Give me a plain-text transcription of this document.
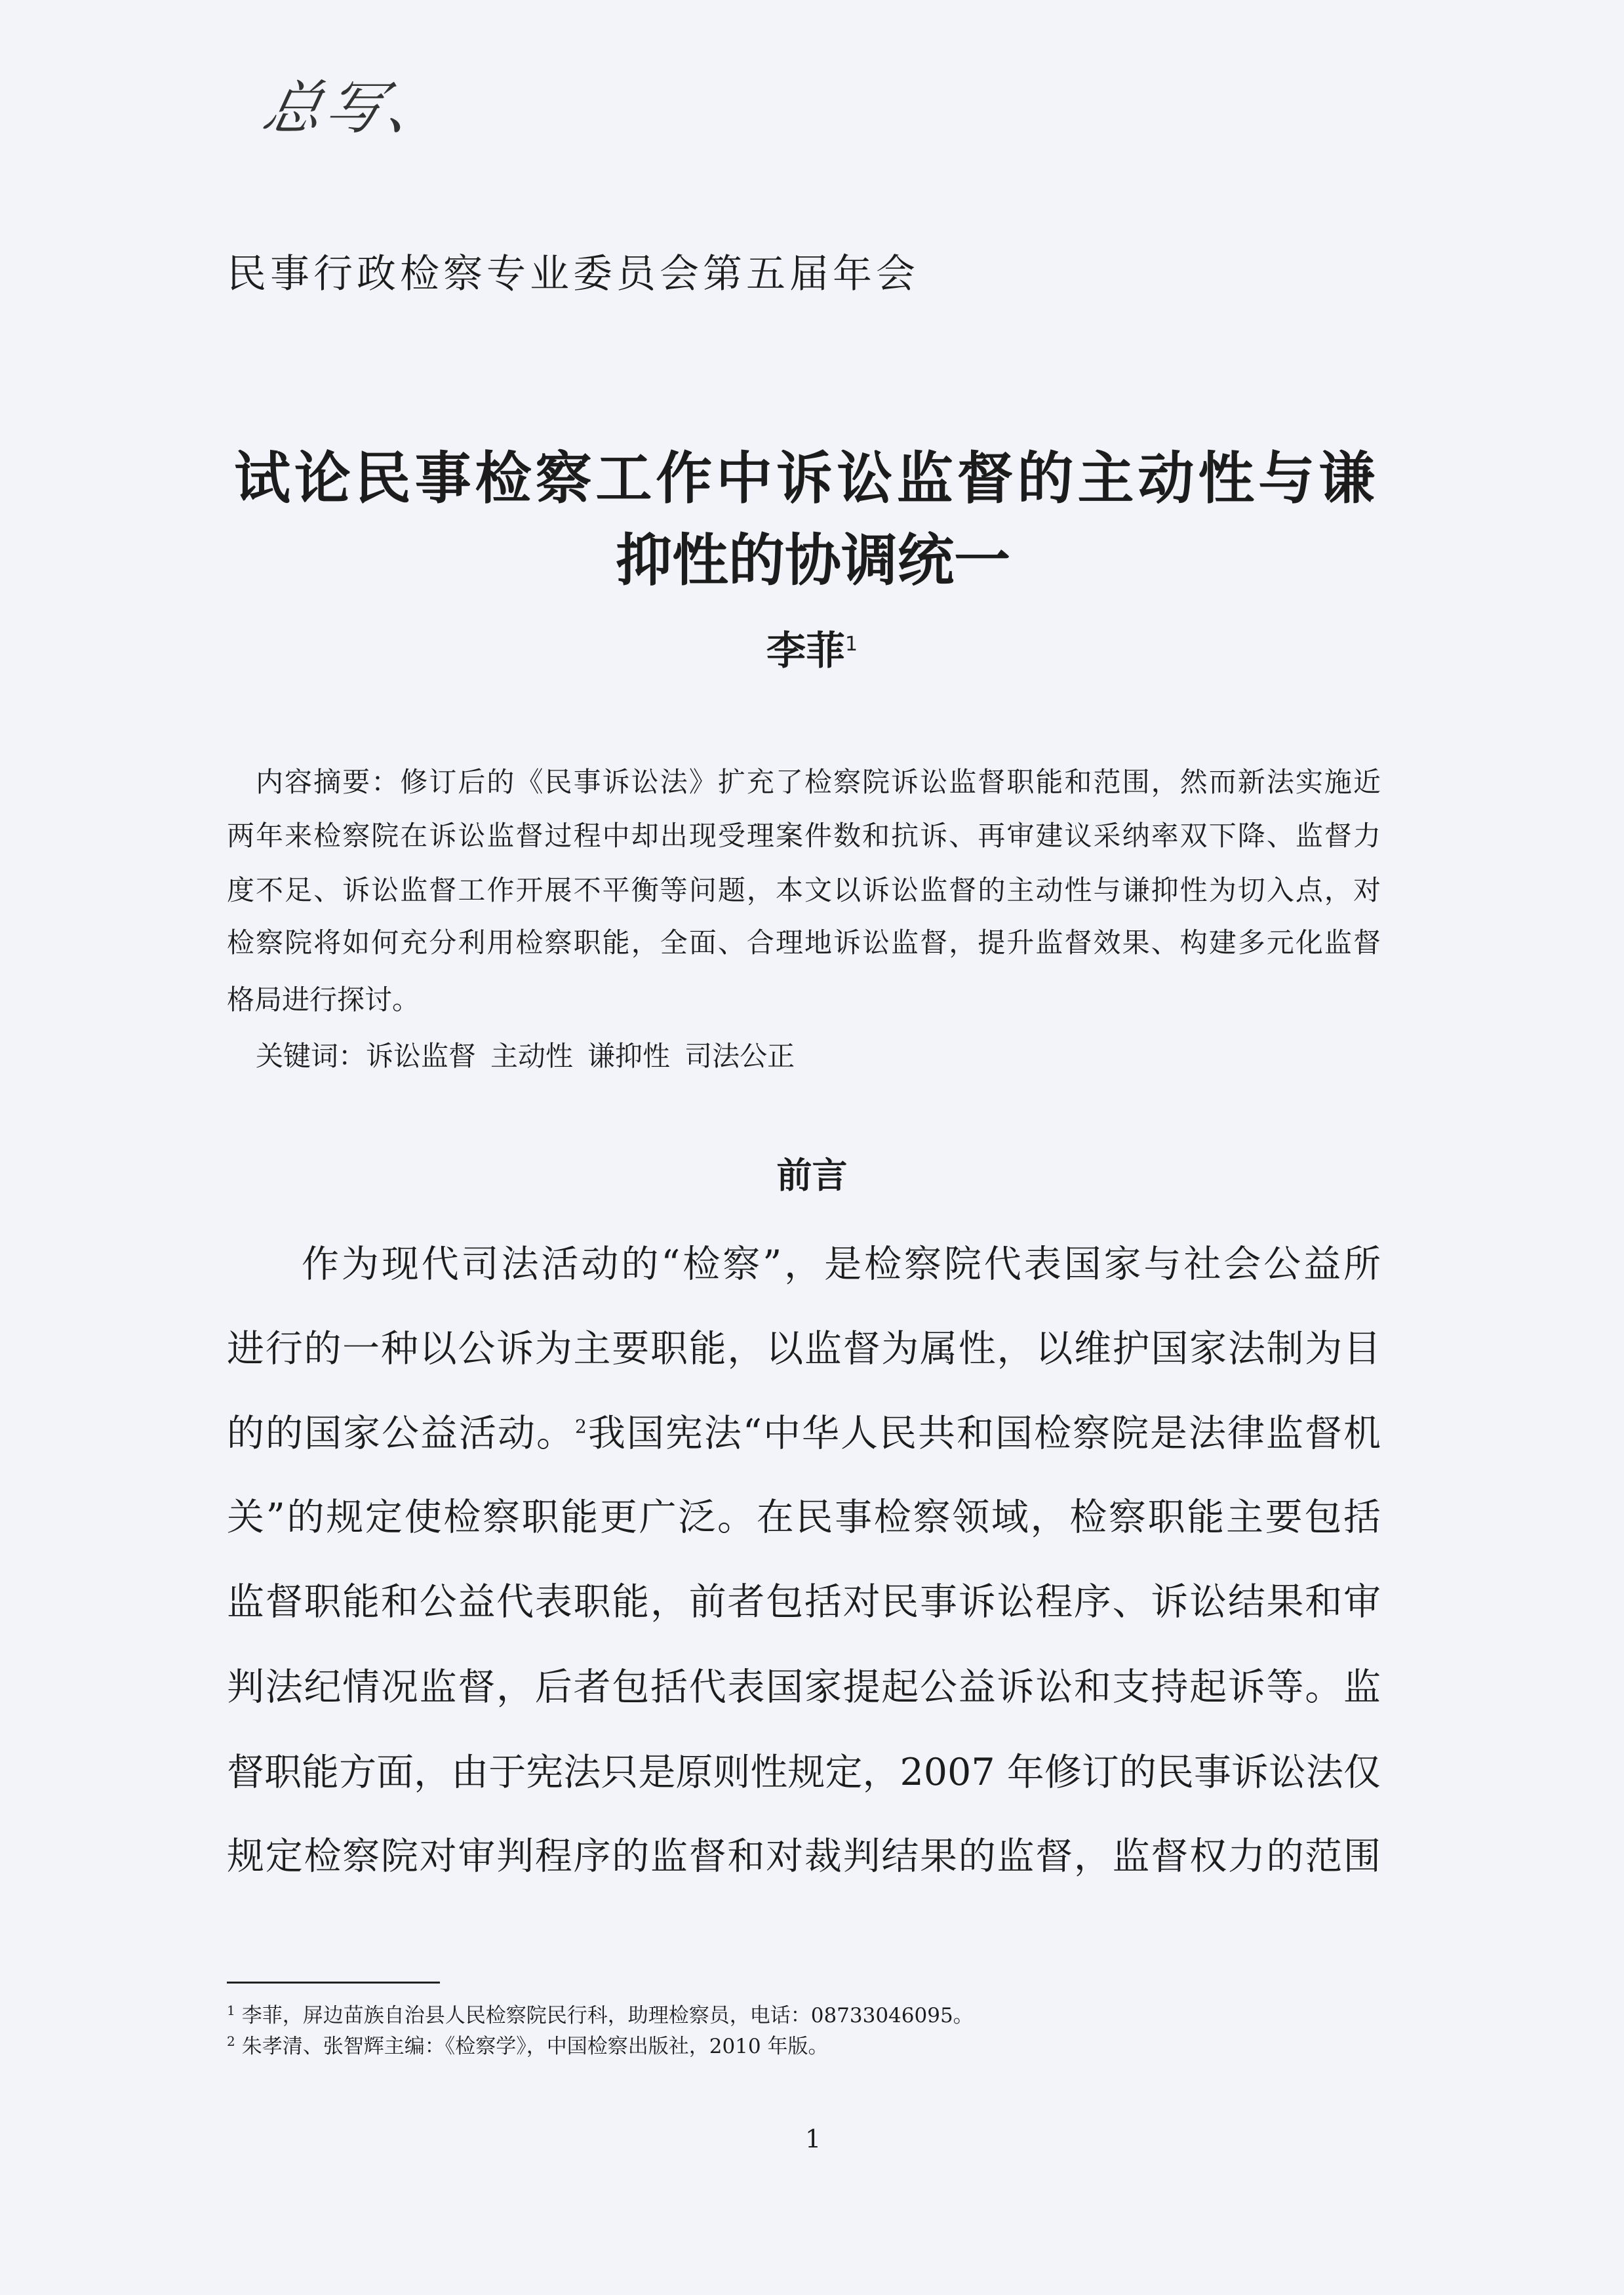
总写、
民事行政检察专业委员会第五届年会
试论民事检察工作中诉讼监督的主动性与谦
抑性的协调统一
李菲$^1$
内容摘要：修订后的《民事诉讼法》扩充了检察院诉讼监督职能和范围，然而新法实施近
两年来检察院在诉讼监督过程中却出现受理案件数和抗诉、再审建议采纳率双下降、监督力
度不足、诉讼监督工作开展不平衡等问题，本文以诉讼监督的主动性与谦抑性为切入点，对
检察院将如何充分利用检察职能，全面、合理地诉讼监督，提升监督效果、构建多元化监督
格局进行探讨。
关键词：诉讼监督 主动性 谦抑性 司法公正
前言
作为现代司法活动的“检察”，是检察院代表国家与社会公益所
进行的一种以公诉为主要职能，以监督为属性，以维护国家法制为目
的的国家公益活动。$^2$我国宪法“中华人民共和国检察院是法律监督机
关”的规定使检察职能更广泛。在民事检察领域，检察职能主要包括
监督职能和公益代表职能，前者包括对民事诉讼程序、诉讼结果和审
判法纪情况监督，后者包括代表国家提起公益诉讼和支持起诉等。监
督职能方面，由于宪法只是原则性规定，2007 年修订的民事诉讼法仅
规定检察院对审判程序的监督和对裁判结果的监督，监督权力的范围
$^1$ 李菲，屏边苗族自治县人民检察院民行科，助理检察员，电话：08733046095。
$^2$ 朱孝清、张智辉主编：《检察学》，中国检察出版社，2010 年版。
1
